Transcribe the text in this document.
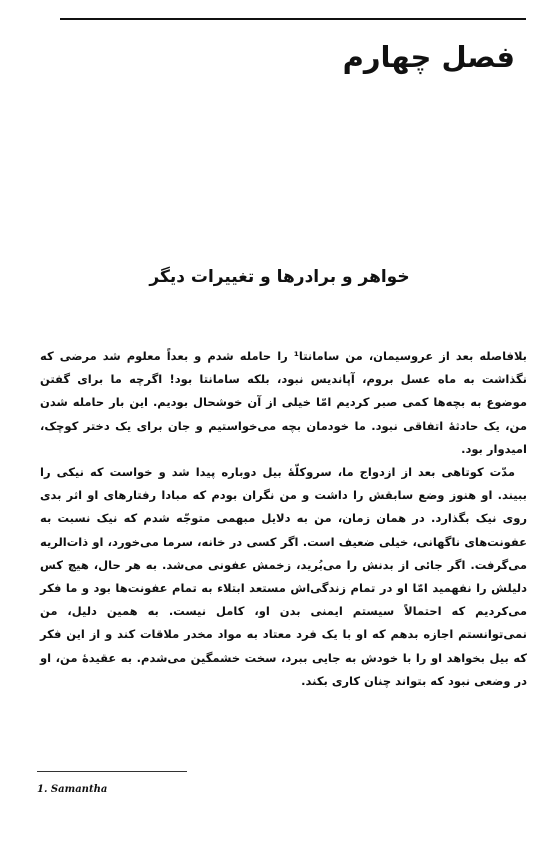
فصل چهارم
خواهر و برادرها و تغییرات دیگر

بلافاصله بعد از عروسیمان، من سامانتا¹ را حامله شدم و بعداً معلوم شد مرضی که نگذاشت به ماه عسل بروم، آپاندیس نبود، بلکه سامانتا بود! اگرچه ما برای گفتن موضوع به بچه‌ها کمی صبر کردیم امّا خیلی از آن خوشحال بودیم. این بار حامله شدن من، یک حادثهٔ اتفاقی نبود. ما خودمان بچه می‌خواستیم و جان برای یک دختر کوچک، امیدوار بود.

مدّت کوتاهی بعد از ازدواج ما، سروکلّهٔ بیل دوباره پیدا شد و خواست که نیکی را ببیند. او هنوز وضع سابقش را داشت و من نگران بودم که مبادا رفتارهای او اثر بدی روی نیک بگذارد. در همان زمان، من به دلایل مبهمی متوجّه شدم که نیک نسبت به عفونت‌های ناگهانی، خیلی ضعیف است. اگر کسی در خانه، سرما می‌خورد، او ذات‌الریه می‌گرفت. اگر جائی از بدنش را می‌بُرید، زخمش عفونی می‌شد. به هر حال، هیچ کس دلیلش را نفهمید امّا او در تمام زندگی‌اش مستعد ابتلاء به تمام عفونت‌ها بود و ما فکر می‌کردیم که احتمالاً سیستم ایمنی بدن او، کامل نیست. به همین دلیل، من نمی‌توانستم اجازه بدهم که او با یک فرد معتاد به مواد مخدر ملاقات کند و از این فکر که بیل بخواهد او را با خودش به جایی ببرد، سخت خشمگین می‌شدم. به عقیدهٔ من، او در وضعی نبود که بتواند چنان کاری بکند.

1. Samantha
